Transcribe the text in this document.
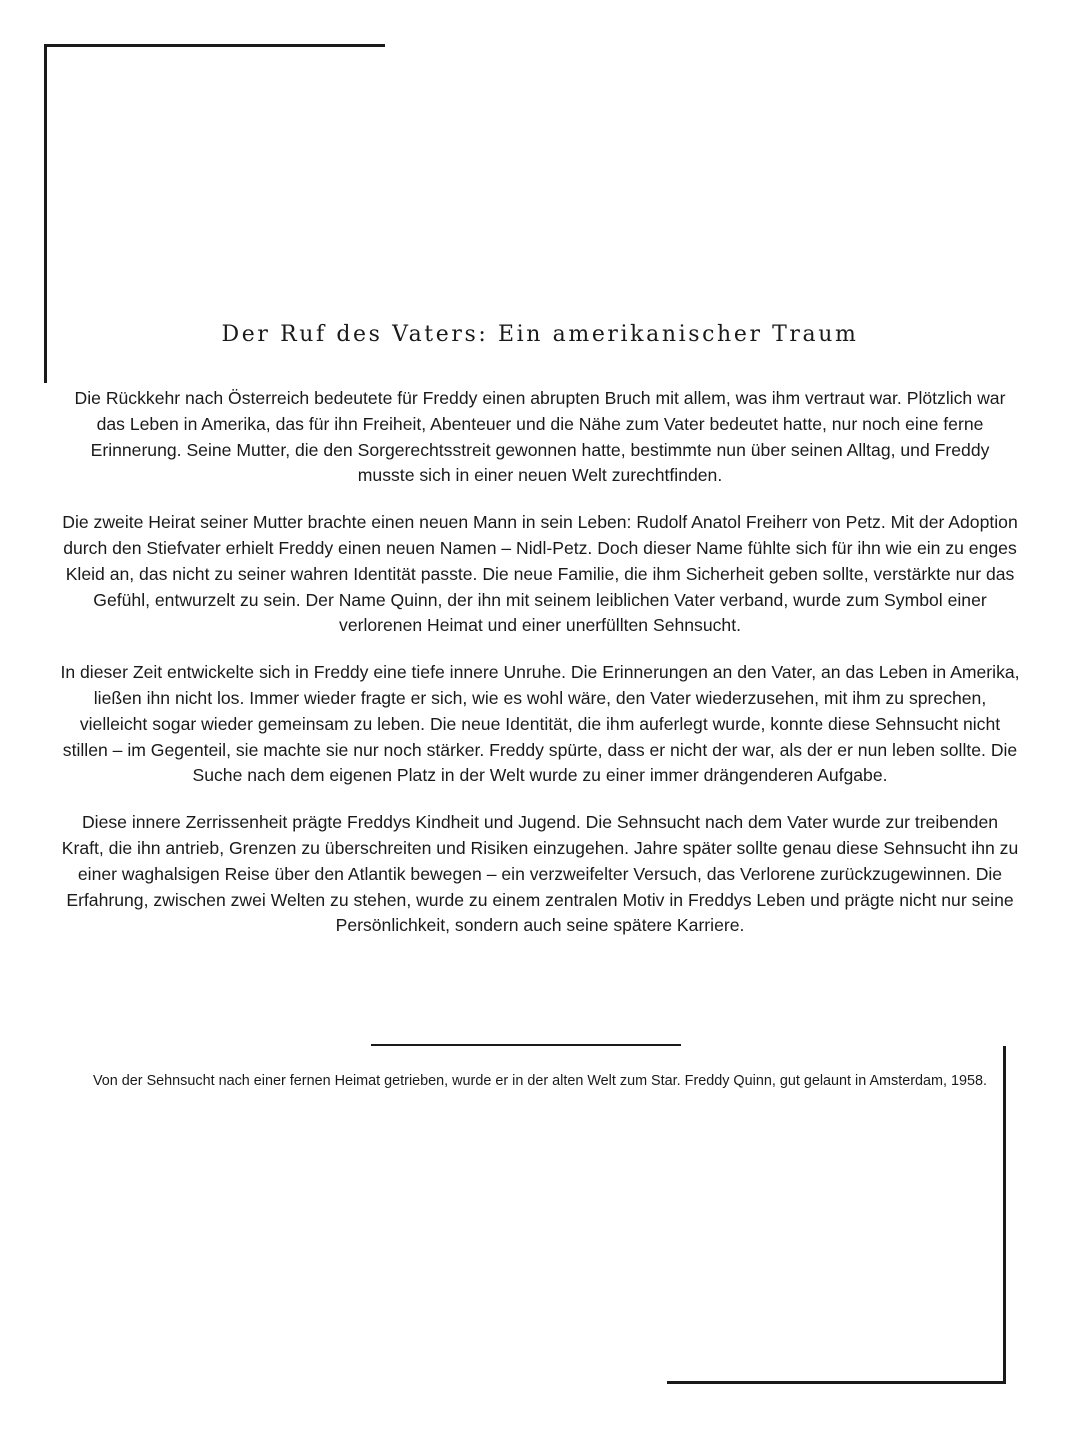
Der Ruf des Vaters: Ein amerikanischer Traum

Die Rückkehr nach Österreich bedeutete für Freddy einen abrupten Bruch mit allem, was ihm vertraut war. Plötzlich war das Leben in Amerika, das für ihn Freiheit, Abenteuer und die Nähe zum Vater bedeutet hatte, nur noch eine ferne Erinnerung. Seine Mutter, die den Sorgerechtsstreit gewonnen hatte, bestimmte nun über seinen Alltag, und Freddy musste sich in einer neuen Welt zurechtfinden.

Die zweite Heirat seiner Mutter brachte einen neuen Mann in sein Leben: Rudolf Anatol Freiherr von Petz. Mit der Adoption durch den Stiefvater erhielt Freddy einen neuen Namen – Nidl-Petz. Doch dieser Name fühlte sich für ihn wie ein zu enges Kleid an, das nicht zu seiner wahren Identität passte. Die neue Familie, die ihm Sicherheit geben sollte, verstärkte nur das Gefühl, entwurzelt zu sein. Der Name Quinn, der ihn mit seinem leiblichen Vater verband, wurde zum Symbol einer verlorenen Heimat und einer unerfüllten Sehnsucht.

In dieser Zeit entwickelte sich in Freddy eine tiefe innere Unruhe. Die Erinnerungen an den Vater, an das Leben in Amerika, ließen ihn nicht los. Immer wieder fragte er sich, wie es wohl wäre, den Vater wiederzusehen, mit ihm zu sprechen, vielleicht sogar wieder gemeinsam zu leben. Die neue Identität, die ihm auferlegt wurde, konnte diese Sehnsucht nicht stillen – im Gegenteil, sie machte sie nur noch stärker. Freddy spürte, dass er nicht der war, als der er nun leben sollte. Die Suche nach dem eigenen Platz in der Welt wurde zu einer immer drängenderen Aufgabe.

Diese innere Zerrissenheit prägte Freddys Kindheit und Jugend. Die Sehnsucht nach dem Vater wurde zur treibenden Kraft, die ihn antrieb, Grenzen zu überschreiten und Risiken einzugehen. Jahre später sollte genau diese Sehnsucht ihn zu einer waghalsigen Reise über den Atlantik bewegen – ein verzweifelter Versuch, das Verlorene zurückzugewinnen. Die Erfahrung, zwischen zwei Welten zu stehen, wurde zu einem zentralen Motiv in Freddys Leben und prägte nicht nur seine Persönlichkeit, sondern auch seine spätere Karriere.

Von der Sehnsucht nach einer fernen Heimat getrieben, wurde er in der alten Welt zum Star. Freddy Quinn, gut gelaunt in Amsterdam, 1958.
